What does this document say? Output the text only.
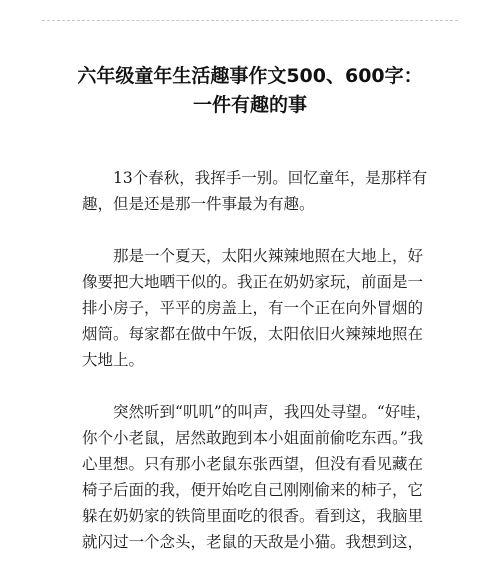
六年级童年生活趣事作文500、600字：
一件有趣的事
13个春秋，我挥手一别。回忆童年，是那样有
趣，但是还是那一件事最为有趣。
那是一个夏天，太阳火辣辣地照在大地上，好
像要把大地晒干似的。我正在奶奶家玩，前面是一
排小房子，平平的房盖上，有一个正在向外冒烟的
烟筒。每家都在做中午饭，太阳依旧火辣辣地照在
大地上。
突然听到“叽叽”的叫声，我四处寻望。“好哇，
你个小老鼠，居然敢跑到本小姐面前偷吃东西。”我
心里想。只有那小老鼠东张西望，但没有看见藏在
椅子后面的我，便开始吃自己刚刚偷来的柿子，它
躲在奶奶家的铁筒里面吃的很香。看到这，我脑里
就闪过一个念头，老鼠的天敌是小猫。我想到这，
